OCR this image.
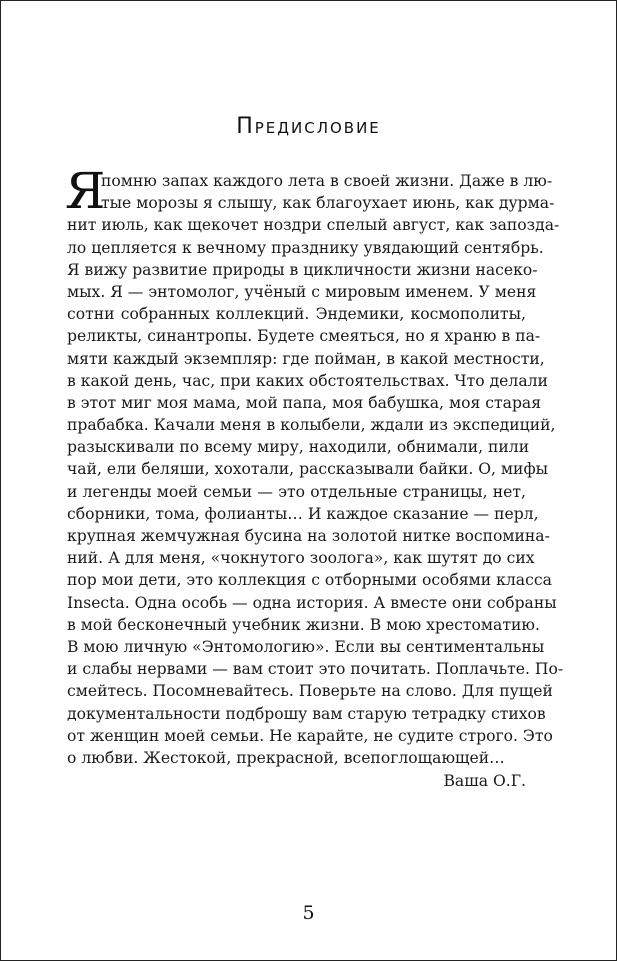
Предисловие
Я
помню запах каждого лета в своей жизни. Даже в лю-
тые морозы я слышу, как благоухает июнь, как дурма-
нит июль, как щекочет ноздри спелый август, как запозда-
ло цепляется к вечному празднику увядающий сентябрь.
Я вижу развитие природы в цикличности жизни насеко-
мых. Я — энтомолог, учёный с мировым именем. У меня
сотни собранных коллекций. Эндемики, космополиты,
реликты, синантропы. Будете смеяться, но я храню в па-
мяти каждый экземпляр: где пойман, в какой местности,
в какой день, час, при каких обстоятельствах. Что делали
в этот миг моя мама, мой папа, моя бабушка, моя старая
прабабка. Качали меня в колыбели, ждали из экспедиций,
разыскивали по всему миру, находили, обнимали, пили
чай, ели беляши, хохотали, рассказывали байки. О, мифы
и легенды моей семьи — это отдельные страницы, нет,
сборники, тома, фолианты… И каждое сказание — перл,
крупная жемчужная бусина на золотой нитке воспомина-
ний. А для меня, «чокнутого зоолога», как шутят до сих
пор мои дети, это коллекция с отборными особями класса
Insecta. Одна особь — одна история. А вместе они собраны
в мой бесконечный учебник жизни. В мою хрестоматию.
В мою личную «Энтомологию». Если вы сентиментальны
и слабы нервами — вам стоит это почитать. Поплачьте. По-
смейтесь. Посомневайтесь. Поверьте на слово. Для пущей
документальности подброшу вам старую тетрадку стихов
от женщин моей семьи. Не карайте, не судите строго. Это
о любви. Жестокой, прекрасной, всепоглощающей…
Ваша О.Г.
5
